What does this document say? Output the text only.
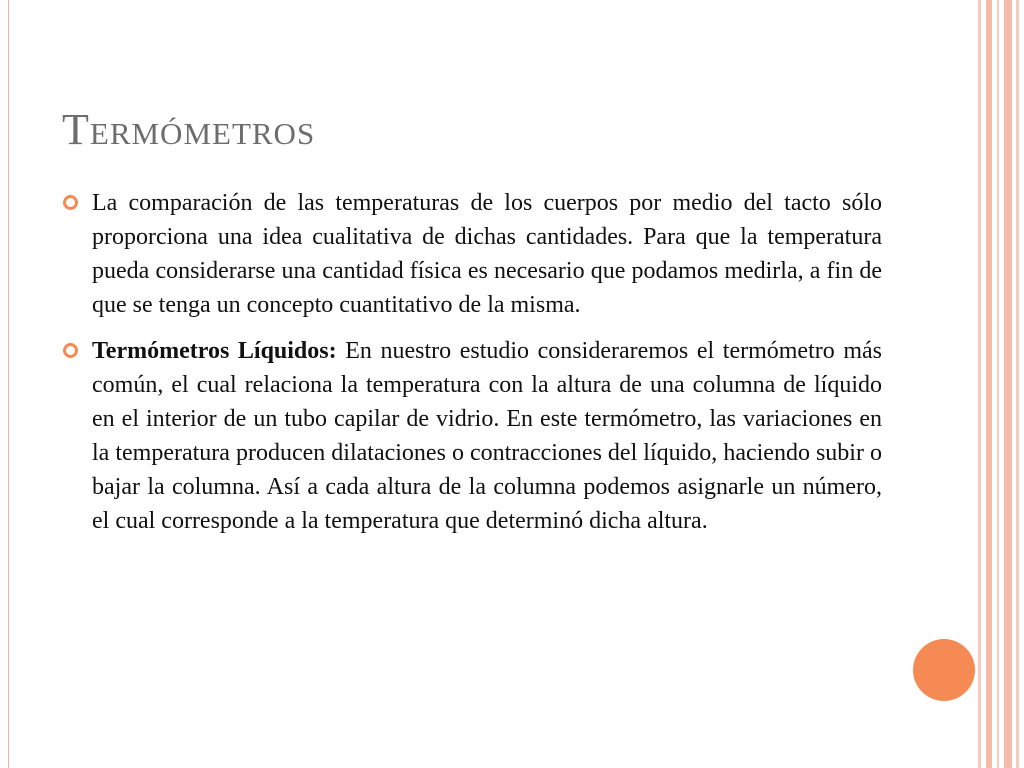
Termómetros

La comparación de las temperaturas de los cuerpos por medio del tacto sólo proporciona una idea cualitativa de dichas cantidades. Para que la temperatura pueda considerarse una cantidad física es necesario que podamos medirla, a fin de que se tenga un concepto cuantitativo de la misma.

Termómetros Líquidos: En nuestro estudio consideraremos el termómetro más común, el cual relaciona la temperatura con la altura de una columna de líquido en el interior de un tubo capilar de vidrio. En este termómetro, las variaciones en la temperatura producen dilataciones o contracciones del líquido, haciendo subir o bajar la columna. Así a cada altura de la columna podemos asignarle un número, el cual corresponde a la temperatura que determinó dicha altura.
